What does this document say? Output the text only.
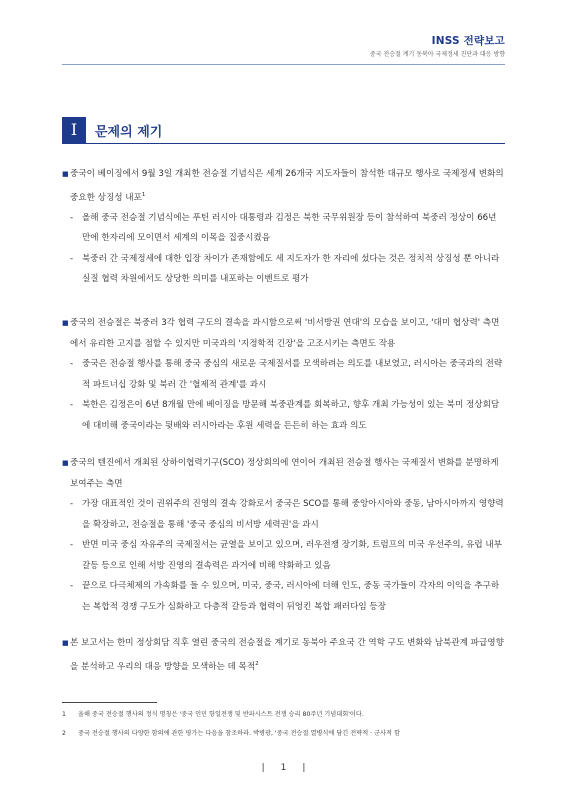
INSS 전략보고
중국 전승절 계기 동북아 국제정세 진단과 대응 방향
I	문제의 제기

■ 중국이 베이징에서 9월 3일 개최한 전승절 기념식은 세계 26개국 지도자들이 참석한 대규모 행사로 국제정세 변화의 중요한 상징성 내포$^1$

- 올해 중국 전승절 기념식에는 푸틴 러시아 대통령과 김정은 북한 국무위원장 등이 참석하여 북중러 정상이 66년 만에 한자리에 모이면서 세계의 이목을 집중시켰음

- 북중러 간 국제정세에 대한 입장 차이가 존재함에도 세 지도자가 한 자리에 섰다는 것은 정치적 상징성 뿐 아니라 실질 협력 차원에서도 상당한 의미를 내포하는 이벤트로 평가

■ 중국의 전승절은 북중러 3각 협력 구도의 결속을 과시함으로써 '비서방권 연대'의 모습을 보이고, '대미 협상력' 측면에서 유리한 고지를 점할 수 있지만 미국과의 '지정학적 긴장'을 고조시키는 측면도 작용

- 중국은 전승절 행사를 통해 중국 중심의 새로운 국제질서를 모색하려는 의도를 내보였고, 러시아는 중국과의 전략적 파트너십 강화 및 북러 간 '혈제적 관계'를 과시

- 북한은 김정은이 6년 8개월 만에 베이징을 방문해 북중관계를 회복하고, 향후 개최 가능성이 있는 북미 정상회담에 대비해 중국이라는 뒷배와 러시아라는 후원 세력을 든든히 하는 효과 의도

■ 중국의 텐진에서 개최된 상하이협력기구(SCO) 정상회의에 연이어 개최된 전승절 행사는 국제질서 변화를 분명하게 보여주는 측면

- 가장 대표적인 것이 권위주의 진영의 결속 강화로서 중국은 SCO를 통해 중앙아시아와 중동, 남아시아까지 영향력을 확장하고, 전승절을 통해 '중국 중심의 비서방 세력권'을 과시

- 반면 미국 중심 자유주의 국제질서는 균열을 보이고 있으며, 러우전쟁 장기화, 트럼프의 미국 우선주의, 유럽 내부 갈등 등으로 인해 서방 진영의 결속력은 과거에 비해 약화하고 있음

- 끝으로 다극체제의 가속화를 들 수 있으며, 미국, 중국, 러시아에 더해 인도, 중동 국가들이 각자의 이익을 추구하는 복합적 경쟁 구도가 심화하고 다층적 갈등과 협력이 뒤엉킨 복합 패러다임 등장

■ 본 보고서는 한미 정상회담 직후 열린 중국의 전승절을 계기로 동북아 주요국 간 역학 구도 변화와 남북관계 파급영향을 분석하고 우리의 대응 방향을 모색하는 데 목적$^2$

1 올해 중국 전승절 행사의 정식 명칭은 '중국 인민 항일전쟁 및 반파시스트 전쟁 승리 80주년 기념대회'이다.
2 중국 전승절 행사의 다양한 함의에 관한 평가는 다음을 참조하라. 박병광, '중국 전승절 열병식에 담긴 전략적 · 군사적 함
| 1 |
